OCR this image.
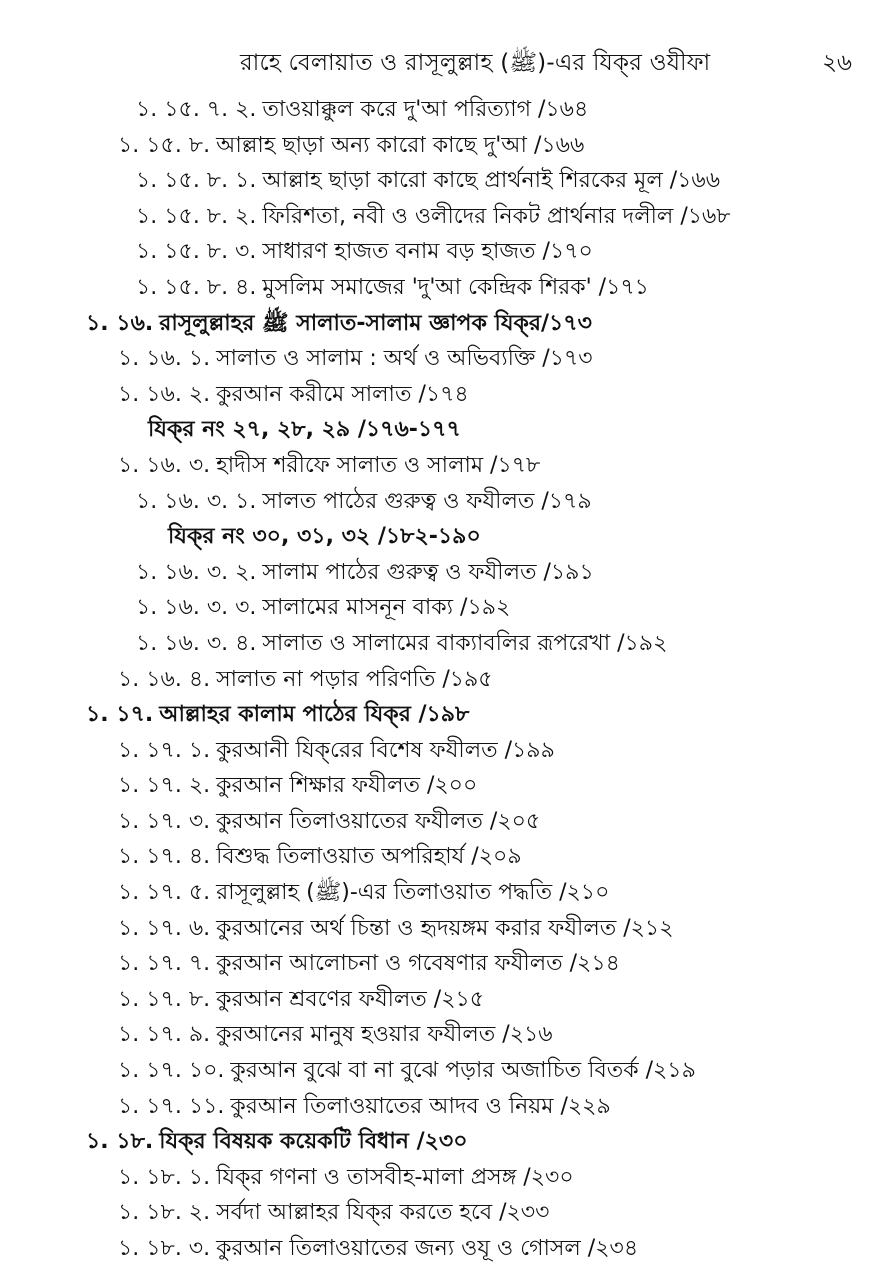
রাহে বেলায়াত ও রাসূলুল্লাহ (ﷺ)-এর যিক্‌র ওযীফা	২৬
১. ১৫. ৭. ২. তাওয়াক্কুল করে দু'আ পরিত্যাগ /১৬৪
১. ১৫. ৮. আল্লাহ ছাড়া অন্য কারো কাছে দু'আ /১৬৬
১. ১৫. ৮. ১. আল্লাহ ছাড়া কারো কাছে প্রার্থনাই শিরকের মূল /১৬৬
১. ১৫. ৮. ২. ফিরিশতা, নবী ও ওলীদের নিকট প্রার্থনার দলীল /১৬৮
১. ১৫. ৮. ৩. সাধারণ হাজত বনাম বড় হাজত /১৭০
১. ১৫. ৮. ৪. মুসলিম সমাজের 'দু'আ কেন্দ্রিক শিরক' /১৭১
১. ১৬. রাসূলুল্লাহর ﷺ সালাত-সালাম জ্ঞাপক যিক্‌র/১৭৩
১. ১৬. ১. সালাত ও সালাম : অর্থ ও অভিব্যক্তি /১৭৩
১. ১৬. ২. কুরআন করীমে সালাত /১৭৪
যিক্‌র নং ২৭, ২৮, ২৯ /১৭৬-১৭৭
১. ১৬. ৩. হাদীস শরীফে সালাত ও সালাম /১৭৮
১. ১৬. ৩. ১. সালত পাঠের গুরুত্ব ও ফযীলত /১৭৯
যিক্‌র নং ৩০, ৩১, ৩২ /১৮২-১৯০
১. ১৬. ৩. ২. সালাম পাঠের গুরুত্ব ও ফযীলত /১৯১
১. ১৬. ৩. ৩. সালামের মাসনূন বাক্য /১৯২
১. ১৬. ৩. ৪. সালাত ও সালামের বাক্যাবলির রূপরেখা /১৯২
১. ১৬. ৪. সালাত না পড়ার পরিণতি /১৯৫
১. ১৭. আল্লাহর কালাম পাঠের যিক্‌র /১৯৮
১. ১৭. ১. কুরআনী যিক্‌রের বিশেষ ফযীলত /১৯৯
১. ১৭. ২. কুরআন শিক্ষার ফযীলত /২০০
১. ১৭. ৩. কুরআন তিলাওয়াতের ফযীলত /২০৫
১. ১৭. ৪. বিশুদ্ধ তিলাওয়াত অপরিহার্য /২০৯
১. ১৭. ৫. রাসূলুল্লাহ (ﷺ)-এর তিলাওয়াত পদ্ধতি /২১০
১. ১৭. ৬. কুরআনের অর্থ চিন্তা ও হৃদয়ঙ্গম করার ফযীলত /২১২
১. ১৭. ৭. কুরআন আলোচনা ও গবেষণার ফযীলত /২১৪
১. ১৭. ৮. কুরআন শ্রবণের ফযীলত /২১৫
১. ১৭. ৯. কুরআনের মানুষ হওয়ার ফযীলত /২১৬
১. ১৭. ১০. কুরআন বুঝে বা না বুঝে পড়ার অজাচিত বিতর্ক /২১৯
১. ১৭. ১১. কুরআন তিলাওয়াতের আদব ও নিয়ম /২২৯
১. ১৮. যিক্‌র বিষয়ক কয়েকটি বিধান /২৩০
১. ১৮. ১. যিক্‌র গণনা ও তাসবীহ-মালা প্রসঙ্গ /২৩০
১. ১৮. ২. সর্বদা আল্লাহর যিক্‌র করতে হবে /২৩৩
১. ১৮. ৩. কুরআন তিলাওয়াতের জন্য ওযূ ও গোসল /২৩৪
